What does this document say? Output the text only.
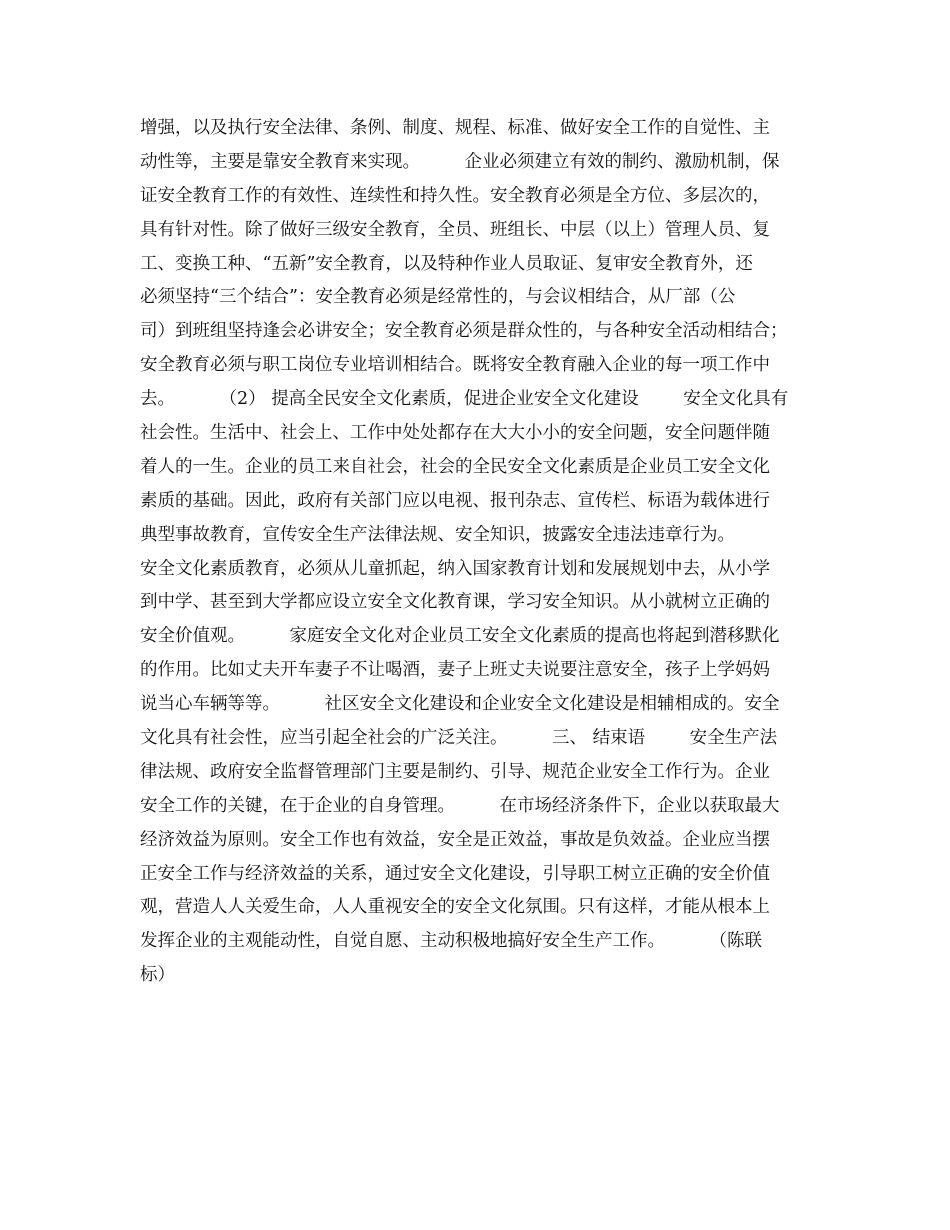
增强，以及执行安全法律、条例、制度、规程、标准、做好安全工作的自觉性、主
动性等，主要是靠安全教育来实现。        企业必须建立有效的制约、激励机制，保
证安全教育工作的有效性、连续性和持久性。安全教育必须是全方位、多层次的，
具有针对性。除了做好三级安全教育，全员、班组长、中层（以上）管理人员、复
工、变换工种、“五新”安全教育，以及特种作业人员取证、复审安全教育外，还
必须坚持“三个结合”：安全教育必须是经常性的，与会议相结合，从厂部（公
司）到班组坚持逢会必讲安全；安全教育必须是群众性的，与各种安全活动相结合；
安全教育必须与职工岗位专业培训相结合。既将安全教育融入企业的每一项工作中
去。        （2） 提高全民安全文化素质，促进企业安全文化建设        安全文化具有
社会性。生活中、社会上、工作中处处都存在大大小小的安全问题，安全问题伴随
着人的一生。企业的员工来自社会，社会的全民安全文化素质是企业员工安全文化
素质的基础。因此，政府有关部门应以电视、报刊杂志、宣传栏、标语为载体进行
典型事故教育，宣传安全生产法律法规、安全知识，披露安全违法违章行为。
安全文化素质教育，必须从儿童抓起，纳入国家教育计划和发展规划中去，从小学
到中学、甚至到大学都应设立安全文化教育课，学习安全知识。从小就树立正确的
安全价值观。        家庭安全文化对企业员工安全文化素质的提高也将起到潜移默化
的作用。比如丈夫开车妻子不让喝酒，妻子上班丈夫说要注意安全，孩子上学妈妈
说当心车辆等等。        社区安全文化建设和企业安全文化建设是相辅相成的。安全
文化具有社会性，应当引起全社会的广泛关注。        三、 结束语        安全生产法
律法规、政府安全监督管理部门主要是制约、引导、规范企业安全工作行为。企业
安全工作的关键，在于企业的自身管理。        在市场经济条件下，企业以获取最大
经济效益为原则。安全工作也有效益，安全是正效益，事故是负效益。企业应当摆
正安全工作与经济效益的关系，通过安全文化建设，引导职工树立正确的安全价值
观，营造人人关爱生命，人人重视安全的安全文化氛围。只有这样，才能从根本上
发挥企业的主观能动性，自觉自愿、主动积极地搞好安全生产工作。        （陈联
标）
